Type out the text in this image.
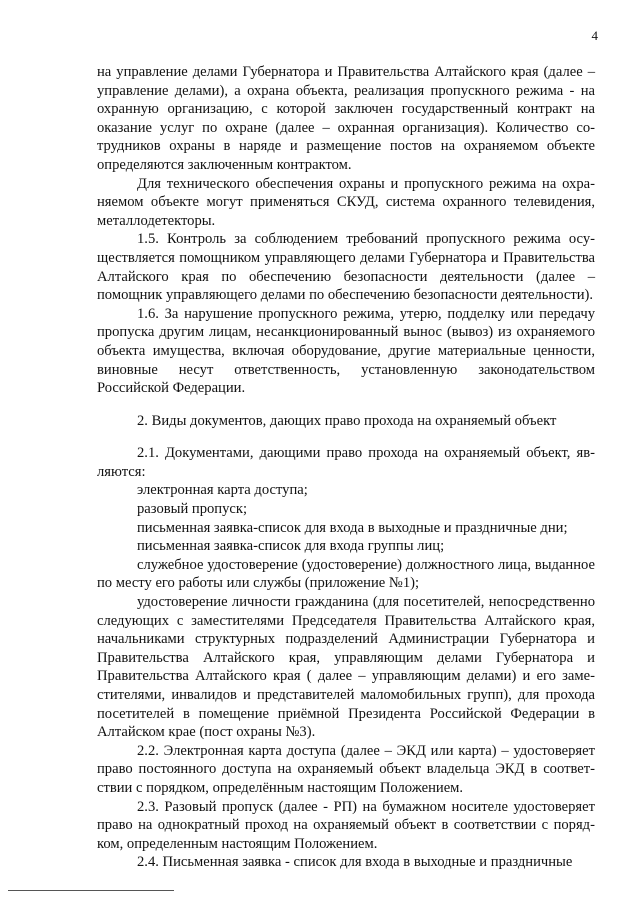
4

на управление делами Губернатора и Правительства Алтайского края (далее – управление делами), а охрана объекта, реализация пропускного режима - на охранную организацию, с которой заключен государственный контракт на оказание услуг по охране (далее – охранная организация). Количество сотрудников охраны в наряде и размещение постов на охраняемом объекте определяются заключенным контрактом.

Для технического обеспечения охраны и пропускного режима на охраняемом объекте могут применяться СКУД, система охранного телевидения, металлодетекторы.

1.5. Контроль за соблюдением требований пропускного режима осуществляется помощником управляющего делами Губернатора и Правительства Алтайского края по обеспечению безопасности деятельности (далее – помощник управляющего делами по обеспечению безопасности деятельности).

1.6. За нарушение пропускного режима, утерю, подделку или передачу пропуска другим лицам, несанкционированный вынос (вывоз) из охраняемого объекта имущества, включая оборудование, другие материальные ценности, виновные несут ответственность, установленную законодательством Российской Федерации.

2. Виды документов, дающих право прохода на охраняемый объект

2.1. Документами, дающими право прохода на охраняемый объект, являются:

электронная карта доступа;

разовый пропуск;

письменная заявка-список для входа в выходные и праздничные дни;

письменная заявка-список для входа группы лиц;

служебное удостоверение (удостоверение) должностного лица, выданное по месту его работы или службы (приложение №1);

удостоверение личности гражданина (для посетителей, непосредственно следующих с заместителями Председателя Правительства Алтайского края, начальниками структурных подразделений Администрации Губернатора и Правительства Алтайского края, управляющим делами Губернатора и Правительства Алтайского края ( далее – управляющим делами) и его заместителями, инвалидов и представителей маломобильных групп), для прохода посетителей в помещение приёмной Президента Российской Федерации в Алтайском крае (пост охраны №3).

2.2. Электронная карта доступа (далее – ЭКД или карта) – удостоверяет право постоянного доступа на охраняемый объект владельца ЭКД в соответствии с порядком, определённым настоящим Положением.

2.3. Разовый пропуск (далее - РП) на бумажном носителе удостоверяет право на однократный проход на охраняемый объект в соответствии с порядком, определенным настоящим Положением.

2.4. Письменная заявка - список для входа в выходные и праздничные
